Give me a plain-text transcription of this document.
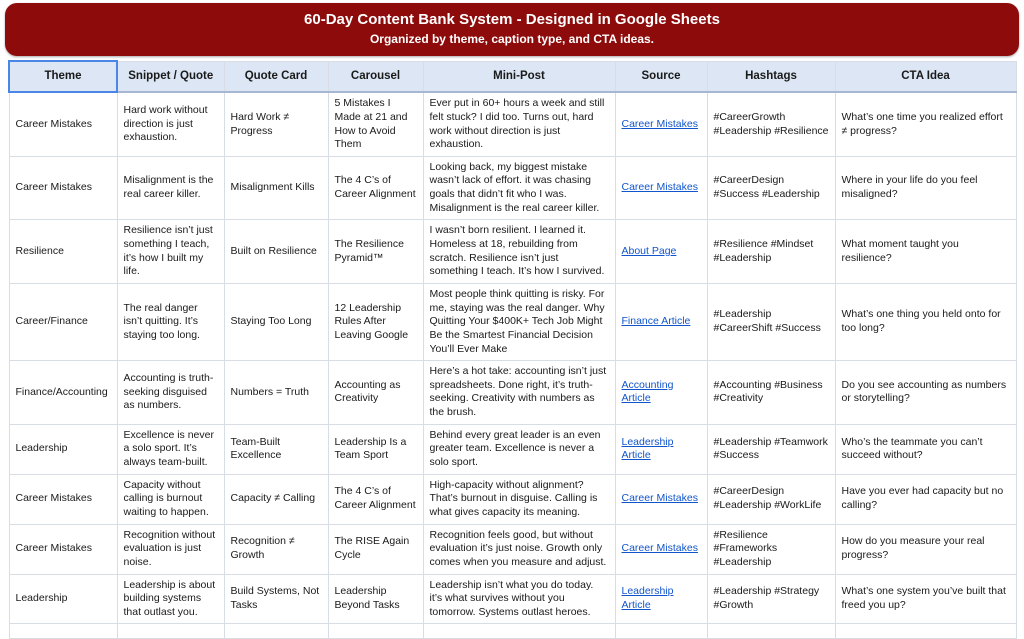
60-Day Content Bank System - Designed in Google Sheets
Organized by theme, caption type, and CTA ideas.
Theme	Snippet / Quote	Quote Card	Carousel	Mini-Post	Source	Hashtags	CTA Idea
Career Mistakes	Hard work without direction is just exhaustion.	Hard Work ≠ Progress	5 Mistakes I Made at 21 and How to Avoid Them	Ever put in 60+ hours a week and still felt stuck? I did too. Turns out, hard work without direction is just exhaustion.	Career Mistakes	#CareerGrowth #Leadership #Resilience	What’s one time you realized effort ≠ progress?
Career Mistakes	Misalignment is the real career killer.	Misalignment Kills	The 4 C’s of Career Alignment	Looking back, my biggest mistake wasn’t lack of effort. it was chasing goals that didn’t fit who I was. Misalignment is the real career killer.	Career Mistakes	#CareerDesign #Success #Leadership	Where in your life do you feel misaligned?
Resilience	Resilience isn’t just something I teach, it’s how I built my life.	Built on Resilience	The Resilience Pyramid™	I wasn’t born resilient. I learned it. Homeless at 18, rebuilding from scratch. Resilience isn’t just something I teach. It’s how I survived.	About Page	#Resilience #Mindset #Leadership	What moment taught you resilience?
Career/Finance	The real danger isn’t quitting. It’s staying too long.	Staying Too Long	12 Leadership Rules After Leaving Google	Most people think quitting is risky. For me, staying was the real danger. Why Quitting Your $400K+ Tech Job Might Be the Smartest Financial Decision You’ll Ever Make	Finance Article	#Leadership #CareerShift #Success	What’s one thing you held onto for too long?
Finance/Accounting	Accounting is truth-seeking disguised as numbers.	Numbers = Truth	Accounting as Creativity	Here’s a hot take: accounting isn’t just spreadsheets. Done right, it’s truth-seeking. Creativity with numbers as the brush.	Accounting Article	#Accounting #Business #Creativity	Do you see accounting as numbers or storytelling?
Leadership	Excellence is never a solo sport. It’s always team-built.	Team-Built Excellence	Leadership Is a Team Sport	Behind every great leader is an even greater team. Excellence is never a solo sport.	Leadership Article	#Leadership #Teamwork #Success	Who’s the teammate you can’t succeed without?
Career Mistakes	Capacity without calling is burnout waiting to happen.	Capacity ≠ Calling	The 4 C’s of Career Alignment	High-capacity without alignment? That’s burnout in disguise. Calling is what gives capacity its meaning.	Career Mistakes	#CareerDesign #Leadership #WorkLife	Have you ever had capacity but no calling?
Career Mistakes	Recognition without evaluation is just noise.	Recognition ≠ Growth	The RISE Again Cycle	Recognition feels good, but without evaluation it’s just noise. Growth only comes when you measure and adjust.	Career Mistakes	#Resilience #Frameworks #Leadership	How do you measure your real progress?
Leadership	Leadership is about building systems that outlast you.	Build Systems, Not Tasks	Leadership Beyond Tasks	Leadership isn’t what you do today. it’s what survives without you tomorrow. Systems outlast heroes.	Leadership Article	#Leadership #Strategy #Growth	What’s one system you’ve built that freed you up?
